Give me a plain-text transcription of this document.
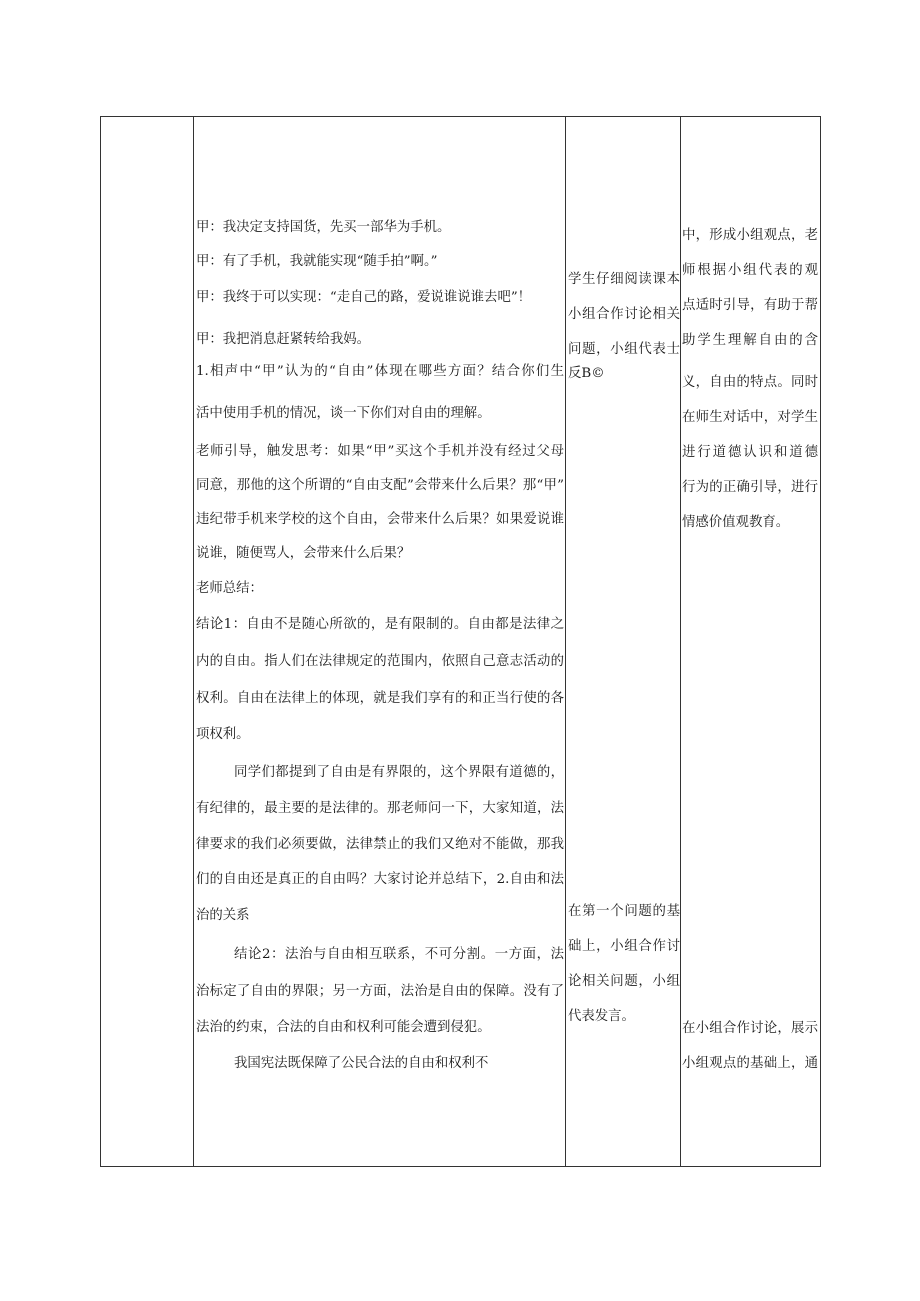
甲：我决定支持国货，先买一部华为手机。
甲：有了手机，我就能实现“随手拍”啊。”
甲：我终于可以实现：“走自己的路，爱说谁说谁去吧”！
甲：我把消息赶紧转给我妈。
1.相声中“甲”认为的“自由”体现在哪些方面？结合你们生
活中使用手机的情况，谈一下你们对自由的理解。
老师引导，触发思考：如果“甲”买这个手机并没有经过父母
同意，那他的这个所谓的“自由支配”会带来什么后果？那“甲”
违纪带手机来学校的这个自由，会带来什么后果？如果爱说谁
说谁，随便骂人，会带来什么后果？
老师总结：
结论1：自由不是随心所欲的，是有限制的。自由都是法律之
内的自由。指人们在法律规定的范围内，依照自己意志活动的
权利。自由在法律上的体现，就是我们享有的和正当行使的各
项权利。
同学们都提到了自由是有界限的，这个界限有道德的，
有纪律的，最主要的是法律的。那老师问一下，大家知道，法
律要求的我们必须要做，法律禁止的我们又绝对不能做，那我
们的自由还是真正的自由吗？大家讨论并总结下，2.自由和法
治的关系
结论2：法治与自由相互联系，不可分割。一方面，法
治标定了自由的界限；另一方面，法治是自由的保障。没有了
法治的约束，合法的自由和权利可能会遭到侵犯。
我国宪法既保障了公民合法的自由和权利不
学生仔细阅读课本
小组合作讨论相关
问题，小组代表士
反B©
在第一个问题的基
础上，小组合作讨
论相关问题，小组
代表发言。
中，形成小组观点，老
师根据小组代表的观
点适时引导，有助于帮
助学生理解自由的含
义，自由的特点。同时
在师生对话中，对学生
进行道德认识和道德
行为的正确引导，进行
情感价值观教育。
在小组合作讨论，展示
小组观点的基础上，通
